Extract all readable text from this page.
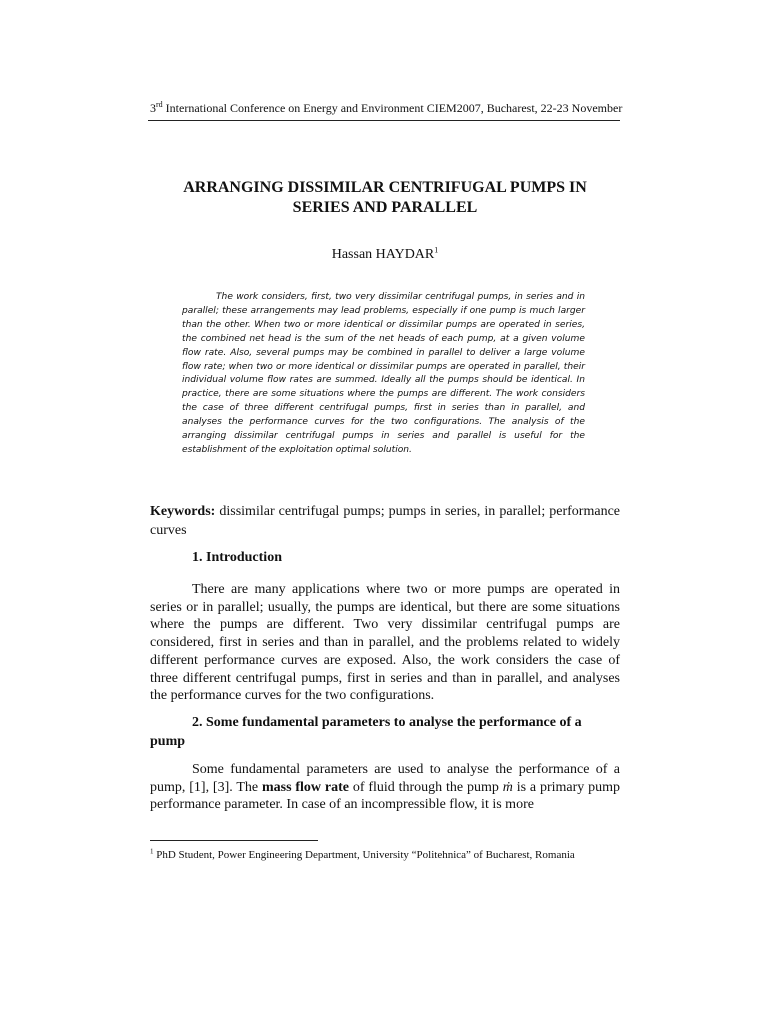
3rd International Conference on Energy and Environment CIEM2007, Bucharest, 22-23 November
ARRANGING DISSIMILAR CENTRIFUGAL PUMPS IN
SERIES AND PARALLEL
Hassan HAYDAR$^1$
The work considers, first, two very dissimilar centrifugal pumps, in series and in parallel; these arrangements may lead problems, especially if one pump is much larger than the other. When two or more identical or dissimilar pumps are operated in series, the combined net head is the sum of the net heads of each pump, at a given volume flow rate. Also, several pumps may be combined in parallel to deliver a large volume flow rate; when two or more identical or dissimilar pumps are operated in parallel, their individual volume flow rates are summed. Ideally all the pumps should be identical. In practice, there are some situations where the pumps are different. The work considers the case of three different centrifugal pumps, first in series than in parallel, and analyses the performance curves for the two configurations. The analysis of the arranging dissimilar centrifugal pumps in series and parallel is useful for the establishment of the exploitation optimal solution.
Keywords: dissimilar centrifugal pumps; pumps in series, in parallel; performance curves
1. Introduction
There are many applications where two or more pumps are operated in series or in parallel; usually, the pumps are identical, but there are some situations where the pumps are different. Two very dissimilar centrifugal pumps are considered, first in series and than in parallel, and the problems related to widely different performance curves are exposed. Also, the work considers the case of three different centrifugal pumps, first in series and than in parallel, and analyses the performance curves for the two configurations.
2. Some fundamental parameters to analyse the performance of a pump
Some fundamental parameters are used to analyse the performance of a pump, [1], [3]. The mass flow rate of fluid through the pump ṁ is a primary pump performance parameter. In case of an incompressible flow, it is more
$^1$ PhD Student, Power Engineering Department, University “Politehnica” of Bucharest, Romania
